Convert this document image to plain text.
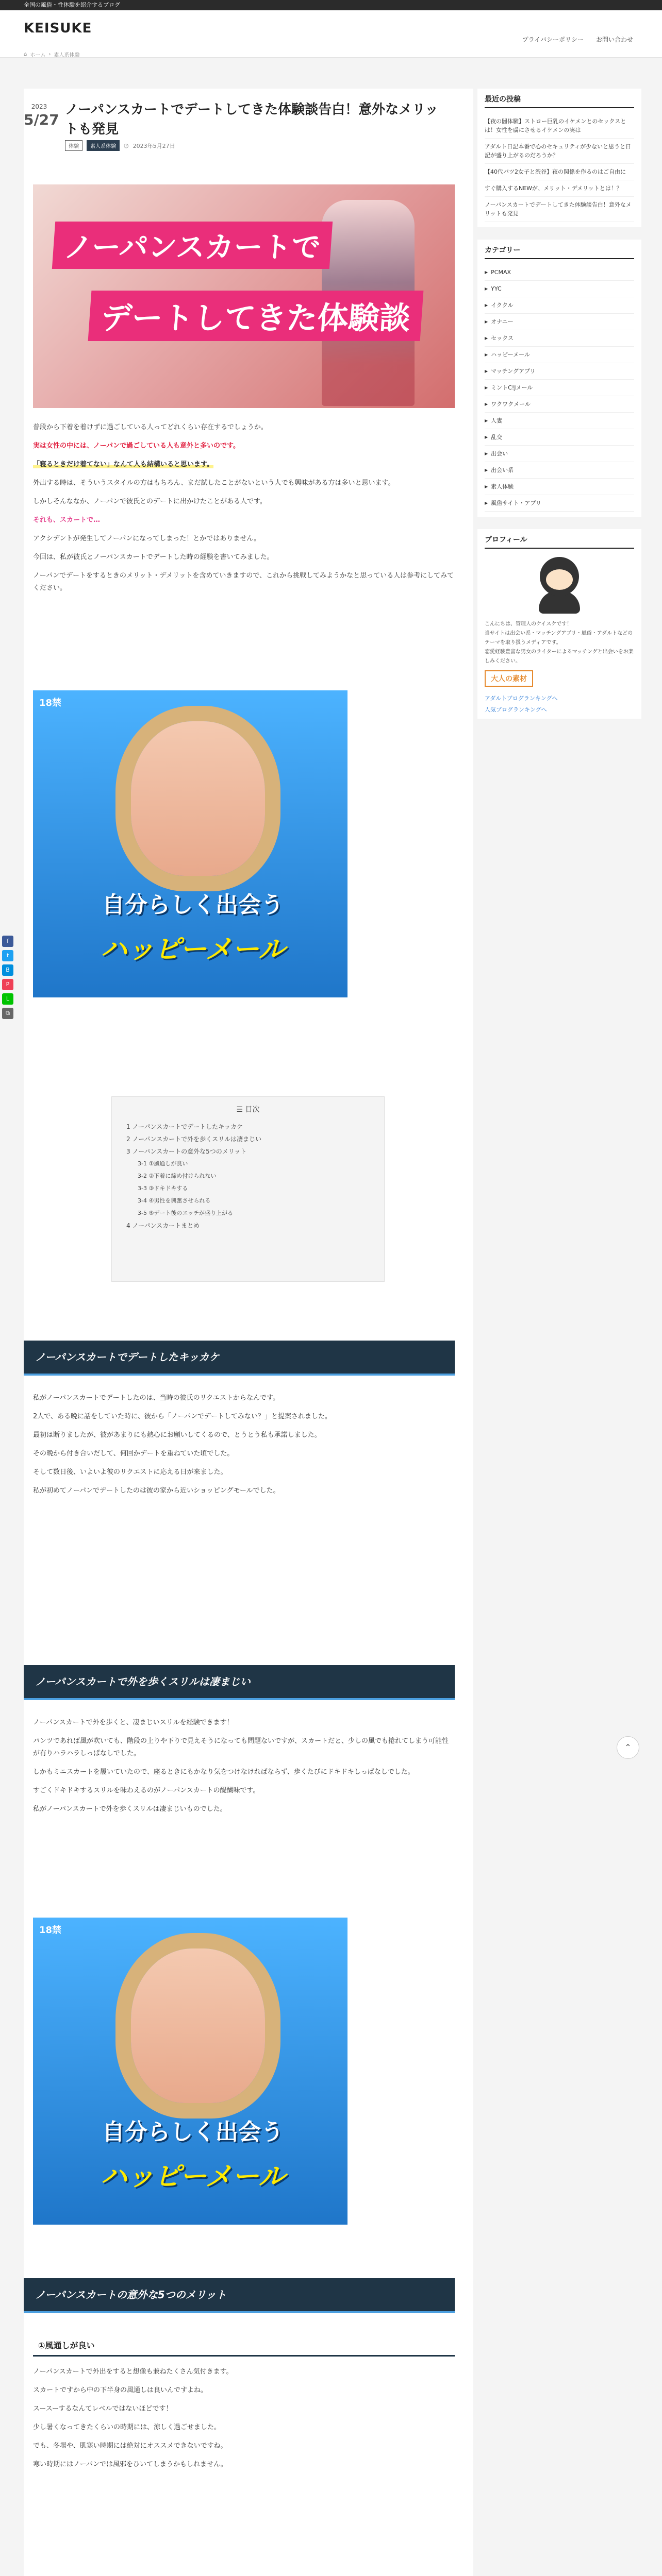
全国の風俗・性体験を紹介するブログ
KEISUKE
プライバシーポリシー お問い合わせ
⌂ ホーム › 素人系体験
2023
5/27
ノーパンスカートでデートしてきた体験談告白！意外なメリットも発見
体験	素人系体験	◷ 2023年5月27日
ノーパンスカートで
デートしてきた体験談

普段から下着を着けずに過ごしている人ってどれくらい存在するでしょうか。

実は女性の中には、ノーパンで過ごしている人も意外と多いのです。

「寝るときだけ着てない」なんて人も結構いると思います。

外出する時は、そういうスタイルの方はもちろん、まだ試したことがないという人でも興味がある方は多いと思います。

しかしそんななか、ノーパンで彼氏とのデートに出かけたことがある人です。

それも、スカートで…

アクシデントが発生してノーパンになってしまった！とかではありません。

今回は、私が彼氏とノーパンスカートでデートした時の経験を書いてみました。

ノーパンでデートをするときのメリット・デメリットを含めていきますので、これから挑戦してみようかなと思っている人は参考にしてみてください。

18禁
自分らしく出会う
ハッピーメール
☰ 目次
1 ノーパンスカートでデートしたキッカケ
2 ノーパンスカートで外を歩くスリルは凄まじい
3 ノーパンスカートの意外な5つのメリット
3-1 ①風通しが良い
3-2 ②下着に締め付けられない
3-3 ③ドキドキする
3-4 ④男性を興奮させられる
3-5 ⑤デート後のエッチが盛り上がる
4 ノーパンスカートまとめ
ノーパンスカートでデートしたキッカケ

私がノーパンスカートでデートしたのは、当時の彼氏のリクエストからなんです。

2人で、ある晩に話をしていた時に、彼から「ノーパンでデートしてみない？」と提案されました。

最初は断りましたが、彼があまりにも熱心にお願いしてくるので、とうとう私も承諾しました。

その晩から付き合いだして、何回かデートを重ねていた頃でした。

そして数日後、いよいよ彼のリクエストに応える日が来ました。

私が初めてノーパンでデートしたのは彼の家から近いショッピングモールでした。

ノーパンスカートで外を歩くスリルは凄まじい

ノーパンスカートで外を歩くと、凄まじいスリルを経験できます！

パンツであれば風が吹いても、階段の上りや下りで見えそうになっても問題ないですが、スカートだと、少しの風でも捲れてしまう可能性が有りハラハラしっぱなしでした。

しかもミニスカートを履いていたので、座るときにもかなり気をつけなければならず、歩くたびにドキドキしっぱなしでした。

すごくドキドキするスリルを味わえるのがノーパンスカートの醍醐味です。

私がノーパンスカートで外を歩くスリルは凄まじいものでした。

18禁
自分らしく出会う
ハッピーメール
ノーパンスカートの意外な5つのメリット
①風通しが良い

ノーパンスカートで外出をすると想像も兼ねたくさん気付きます。

スカートですから中の下半身の風通しは良いんですよね。

スースーするなんてレベルではないほどです！

少し暑くなってきたくらいの時期には、涼しく過ごせました。

でも、冬場や、肌寒い時期には絶対にオススメできないですね。

寒い時期にはノーパンでは風邪をひいてしまうかもしれません。

f
t
B
P
L
⧉
⌃
最近の投稿
【夜の闇体験】ストロー巨乳のイケメンとのセックスとは！女性を虜にさせるイケメンの実は
アダルト日記本番で心のセキュリティが少ないと思うと日記が盛り上がるのだろうか？
【40代バツ2女子と渋谷】夜の関係を作るのはご自由に
すぐ購入するNEWが、メリット・デメリットとは！？
ノーパンスカートでデートしてきた体験談告白！意外なメリットも発見
カテゴリー
▶ PCMAX
▶ YYC
▶ イククル
▶ オナニー
▶ セックス
▶ ハッピーメール
▶ マッチングアプリ
▶ ミントC!Jメール
▶ ワクワクメール
▶ 人妻
▶ 乱交
▶ 出会い
▶ 出会い系
▶ 素人体験
▶ 風俗サイト・アプリ
プロフィール
こんにちは、管理人のケイスケです！
当サイトは出会い系・マッチングアプリ・風俗・アダルトなどのテーマを取り扱うメディアです。
恋愛経験豊富な男女のライターによるマッチングと出会いをお楽しみください。
大人の素材
アダルトブログランキングへ
人気ブログランキングへ
